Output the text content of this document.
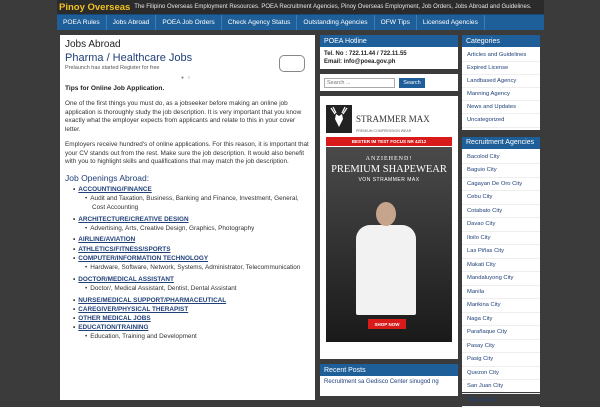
Pinoy Overseas The Filipino Overseas Employment Resources. POEA Recruitment Agencies, Pinoy Overseas Employment, Job Orders, Jobs Abroad and Guidelines.
POEA Rules	Jobs Abroad	POEA Job Orders	Check Agency Status	Outstanding Agencies	OFW Tips	Licensed Agencies
Jobs Abroad
Pharma / Healthcare Jobs
Prelaunch has started Register for free
● ○
Tips for Online Job Application.

One of the first things you must do, as a jobseeker before making an online job application is thoroughly study the job description. It is very important that you know exactly what the employer expects from applicants and relate to this in your cover letter.

Employers receive hundred's of online applications. For this reason, it is important that your CV stands out from the rest. Make sure the job description. It would also benefit with you to highlight skills and qualifications that may match the job description.

Job Openings Abroad:
▪ ACCOUNTING/FINANCE
• Audit and Taxation, Business, Banking and Finance, Investment, General, Cost Accounting
▪ ARCHITECTURE/CREATIVE DESIGN
• Advertising, Arts, Creative Design, Graphics, Photography
▪ AIRLINE/AVIATION
▪ ATHLETICS/FITNESS/SPORTS
▪ COMPUTER/INFORMATION TECHNOLOGY
• Hardware, Software, Network, Systems, Administrator, Telecommunication
▪ DOCTOR/MEDICAL ASSISTANT
• Doctor/, Medical Assistant, Dentist, Dental Assistant
▪ NURSE/MEDICAL SUPPORT/PHARMACEUTICAL
▪ CAREGIVER/PHYSICAL THERAPIST
▪ OTHER MEDICAL JOBS
▪ EDUCATION/TRAINING
• Education, Training and Development
POEA Hotline
Tel. No : 722.11.44 / 722.11.55
Email: info@poea.gov.ph
Search ...
Search
STRAMMER MAX
PREMIUM COMPRESSION WEAR
BESTER IM TEST FOCUS NR 42/12
ANZIEHEND!
PREMIUM SHAPEWEAR
VON STRAMMER MAX
SHOP NOW
Recent Posts
Recruitment sa Gedisco Center sinugod ng
Categories
Articles and Guidelines
Expired License
Landbased Agency
Manning Agency
News and Updates
Uncategorized
Recruitment Agencies
Bacolod City
Baguio City
Cagayan De Oro City
Cebu City
Cotabato City
Davao City
Iloilo City
Las Piñas City
Makati City
Mandaluyong City
Manila
Marikina City
Naga City
Parañaque City
Pasay City
Pasig City
Quezon City
San Juan City
Taguig City
